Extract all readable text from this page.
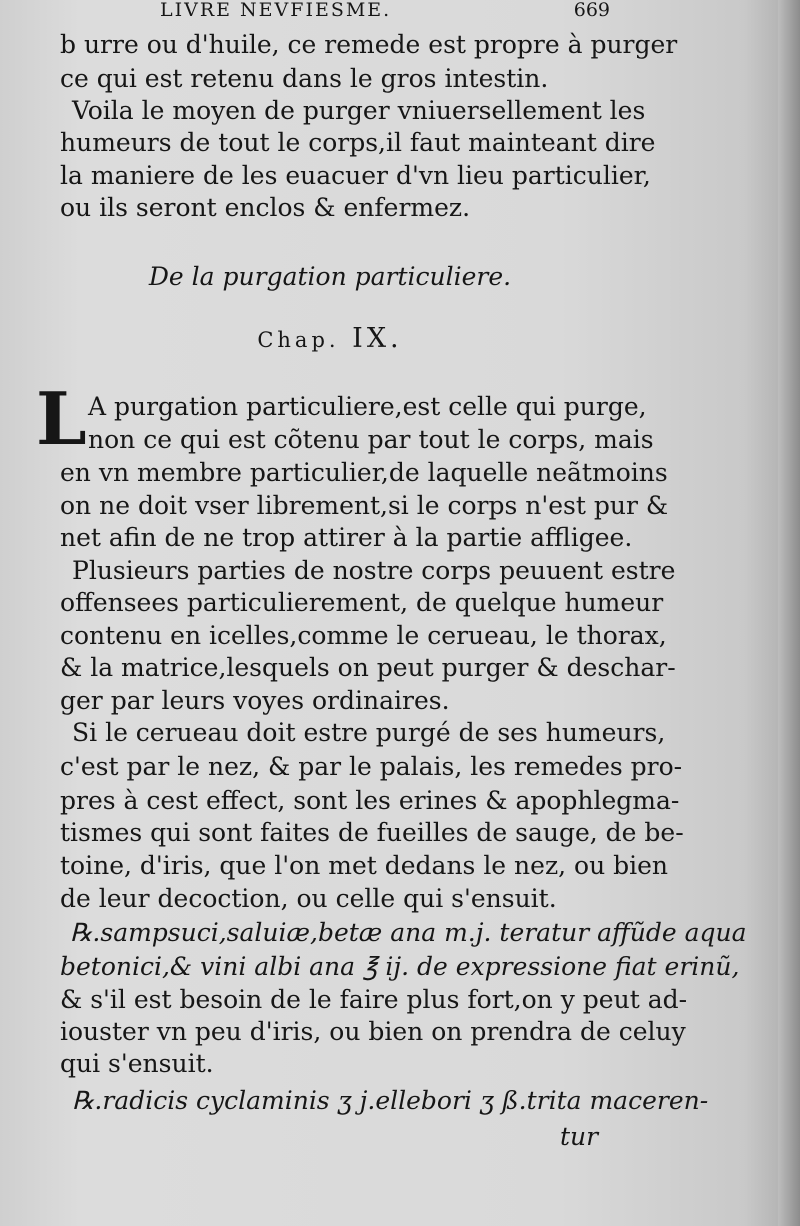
LIVRE NEVFIESME.	669
b urre ou d'huile, ce remede est propre à purger
ce qui est retenu dans le gros intestin.
Voila le moyen de purger vniuersellement les
humeurs de tout le corps,il faut mainteant dire
la maniere de les euacuer d'vn lieu particulier,
ou ils seront enclos & enfermez.
De la purgation particuliere.
Chap. IX.
L A purgation particuliere,est celle qui purge,
non ce qui est cõtenu par tout le corps, mais
en vn membre particulier,de laquelle neãtmoins
on ne doit vser librement,si le corps n'est pur &
net afin de ne trop attirer à la partie affligee.
Plusieurs parties de nostre corps peuuent estre
offensees particulierement, de quelque humeur
contenu en icelles,comme le cerueau, le thorax,
& la matrice,lesquels on peut purger & deschar-
ger par leurs voyes ordinaires.
Si le cerueau doit estre purgé de ses humeurs,
c'est par le nez, & par le palais, les remedes pro-
pres à cest effect, sont les erines & apophlegma-
tismes qui sont faites de fueilles de sauge, de be-
toine, d'iris, que l'on met dedans le nez, ou bien
de leur decoction, ou celle qui s'ensuit.
℞.sampsuci,saluiæ,betæ ana m.j. teratur affũde aqua
betonici,& vini albi ana ℥ ij. de expressione fiat erinũ,
& s'il est besoin de le faire plus fort,on y peut ad-
iouster vn peu d'iris, ou bien on prendra de celuy
qui s'ensuit.
℞.radicis cyclaminis ʒ j.ellebori ʒ ß.trita maceren-
tur
